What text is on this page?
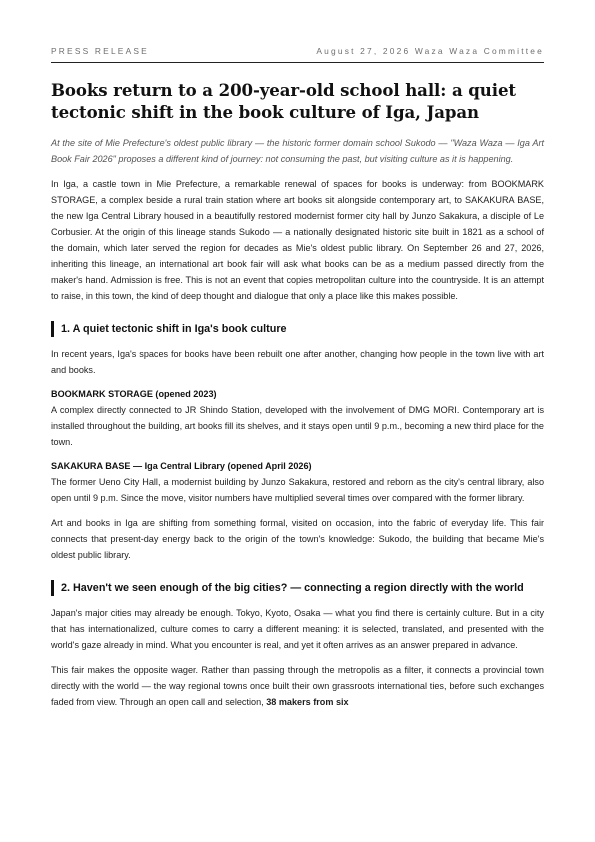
PRESS RELEASE	August 27, 2026 Waza Waza Committee
Books return to a 200-year-old school hall: a quiet tectonic shift in the book culture of Iga, Japan

At the site of Mie Prefecture's oldest public library — the historic former domain school Sukodo — "Waza Waza — Iga Art Book Fair 2026" proposes a different kind of journey: not consuming the past, but visiting culture as it is happening.

In Iga, a castle town in Mie Prefecture, a remarkable renewal of spaces for books is underway: from BOOKMARK STORAGE, a complex beside a rural train station where art books sit alongside contemporary art, to SAKAKURA BASE, the new Iga Central Library housed in a beautifully restored modernist former city hall by Junzo Sakakura, a disciple of Le Corbusier. At the origin of this lineage stands Sukodo — a nationally designated historic site built in 1821 as a school of the domain, which later served the region for decades as Mie's oldest public library. On September 26 and 27, 2026, inheriting this lineage, an international art book fair will ask what books can be as a medium passed directly from the maker's hand. Admission is free. This is not an event that copies metropolitan culture into the countryside. It is an attempt to raise, in this town, the kind of deep thought and dialogue that only a place like this makes possible.

1. A quiet tectonic shift in Iga's book culture

In recent years, Iga's spaces for books have been rebuilt one after another, changing how people in the town live with art and books.

BOOKMARK STORAGE (opened 2023)

A complex directly connected to JR Shindo Station, developed with the involvement of DMG MORI. Contemporary art is installed throughout the building, art books fill its shelves, and it stays open until 9 p.m., becoming a new third place for the town.

SAKAKURA BASE — Iga Central Library (opened April 2026)

The former Ueno City Hall, a modernist building by Junzo Sakakura, restored and reborn as the city's central library, also open until 9 p.m. Since the move, visitor numbers have multiplied several times over compared with the former library.

Art and books in Iga are shifting from something formal, visited on occasion, into the fabric of everyday life. This fair connects that present-day energy back to the origin of the town's knowledge: Sukodo, the building that became Mie's oldest public library.

2. Haven't we seen enough of the big cities? — connecting a region directly with the world

Japan's major cities may already be enough. Tokyo, Kyoto, Osaka — what you find there is certainly culture. But in a city that has internationalized, culture comes to carry a different meaning: it is selected, translated, and presented with the world's gaze already in mind. What you encounter is real, and yet it often arrives as an answer prepared in advance.

This fair makes the opposite wager. Rather than passing through the metropolis as a filter, it connects a provincial town directly with the world — the way regional towns once built their own grassroots international ties, before such exchanges faded from view. Through an open call and selection, 38 makers from six
